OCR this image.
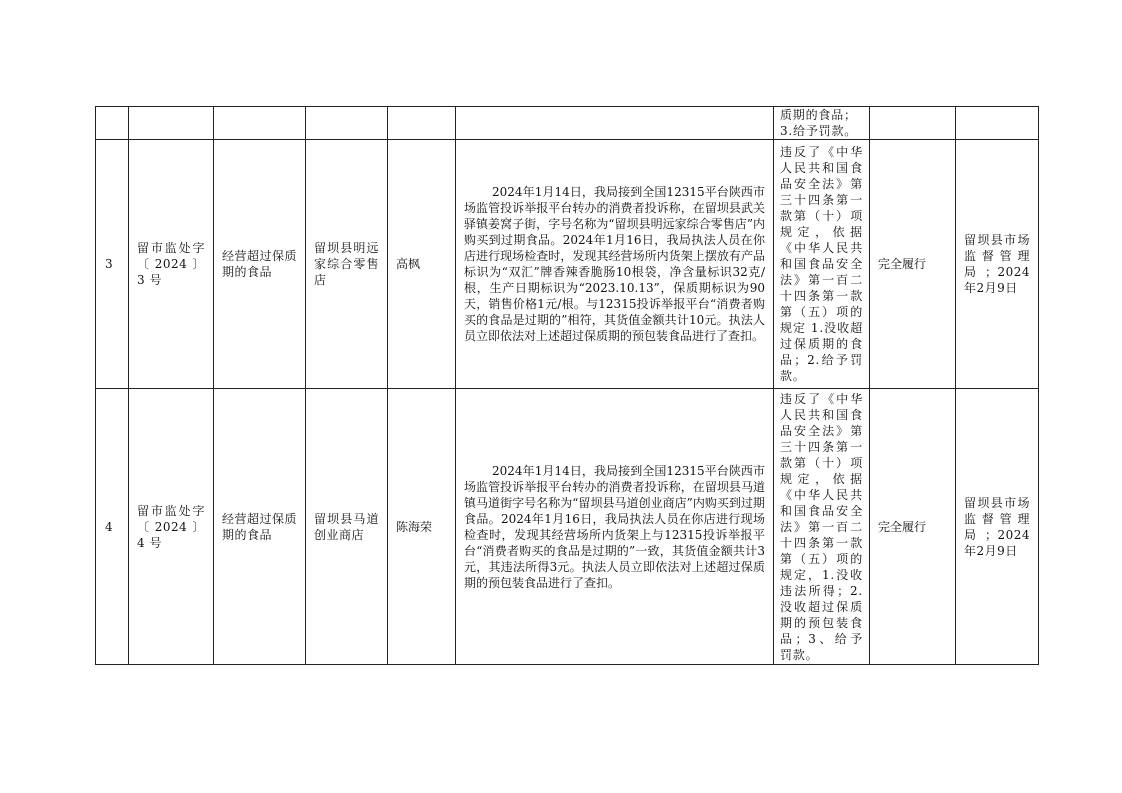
						质期的食品；
3.给予罚款。		
3	留市监处字〔2024〕 3 号	经营超过保质期的食品	留坝县明远家综合零售店	高枫	2024年1月14日，我局接到全国12315平台陕西市场监管投诉举报平台转办的消费者投诉称，在留坝县武关驿镇姜窝子街，字号名称为“留坝县明远家综合零售店”内购买到过期食品。2024年1月16日，我局执法人员在你店进行现场检查时，发现其经营场所内货架上摆放有产品标识为“双汇”牌香辣香脆肠10根袋，净含量标识32克/根，生产日期标识为“2023.10.13”，保质期标识为90天，销售价格1元/根。与12315投诉举报平台“消费者购买的食品是过期的”相符，其货值金额共计10元。执法人员立即依法对上述超过保质期的预包装食品进行了查扣。	违反了《中华人民共和国食品安全法》第三十四条第一款第（十）项规定，依据《中华人民共和国食品安全法》第一百二十四条第一款第（五）项的规定 1.没收超过保质期的食品；2.给予罚款。	完全履行	留坝县市场监督管理局；2024年2月9日
4	留市监处字〔2024〕 4 号	经营超过保质期的食品	留坝县马道创业商店	陈海荣	2024年1月14日，我局接到全国12315平台陕西市场监管投诉举报平台转办的消费者投诉称，在留坝县马道镇马道街字号名称为“留坝县马道创业商店”内购买到过期食品。2024年1月16日，我局执法人员在你店进行现场检查时，发现其经营场所内货架上与12315投诉举报平台“消费者购买的食品是过期的”一致，其货值金额共计3元，其违法所得3元。执法人员立即依法对上述超过保质期的预包装食品进行了查扣。	违反了《中华人民共和国食品安全法》第三十四条第一款第（十）项规定，依据《中华人民共和国食品安全法》第一百二十四条第一款第（五）项的规定，1.没收违法所得；2.没收超过保质期的预包装食品；3、给予罚款。	完全履行	留坝县市场监督管理局；2024年2月9日
